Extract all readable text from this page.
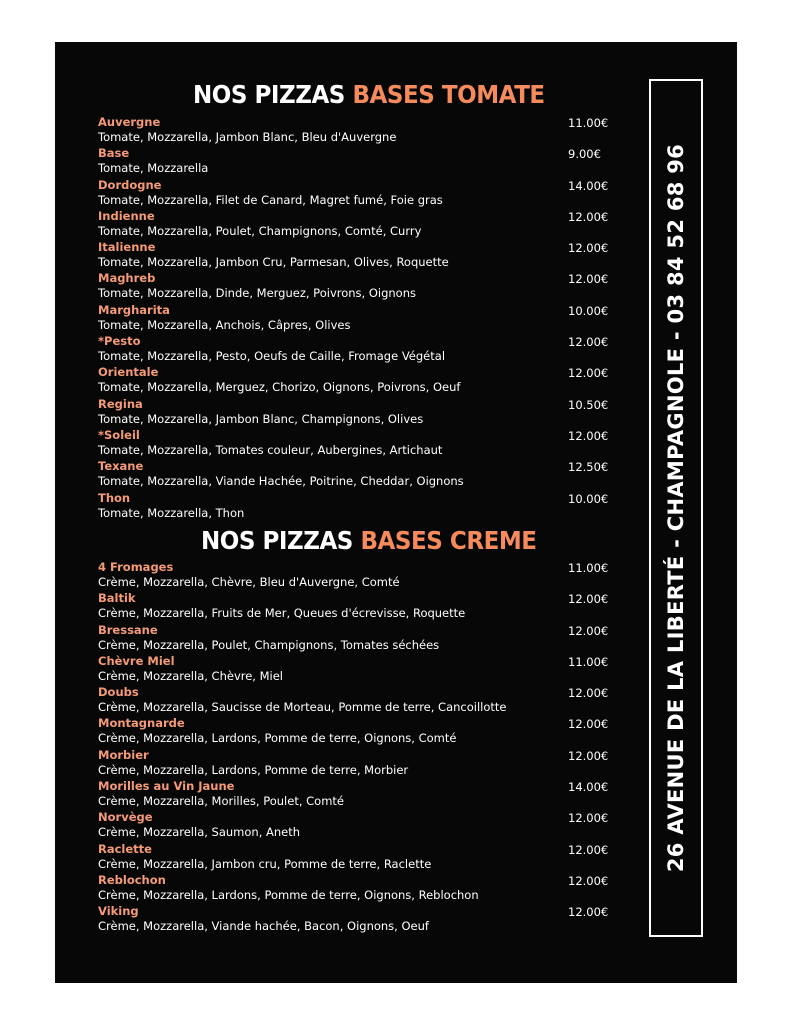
NOS PIZZAS BASES TOMATE
Auvergne
Tomate, Mozzarella, Jambon Blanc, Bleu d'Auvergne
11.00€
Base
Tomate, Mozzarella
9.00€
Dordogne
Tomate, Mozzarella, Filet de Canard, Magret fumé, Foie gras
14.00€
Indienne
Tomate, Mozzarella, Poulet, Champignons, Comté, Curry
12.00€
Italienne
Tomate, Mozzarella, Jambon Cru, Parmesan, Olives, Roquette
12.00€
Maghreb
Tomate, Mozzarella, Dinde, Merguez, Poivrons, Oignons
12.00€
Margharita
Tomate, Mozzarella, Anchois, Câpres, Olives
10.00€
*Pesto
Tomate, Mozzarella, Pesto, Oeufs de Caille, Fromage Végétal
12.00€
Orientale
Tomate, Mozzarella, Merguez, Chorizo, Oignons, Poivrons, Oeuf
12.00€
Regina
Tomate, Mozzarella, Jambon Blanc, Champignons, Olives
10.50€
*Soleil
Tomate, Mozzarella, Tomates couleur, Aubergines, Artichaut
12.00€
Texane
Tomate, Mozzarella, Viande Hachée, Poitrine, Cheddar, Oignons
12.50€
Thon
Tomate, Mozzarella, Thon
10.00€
NOS PIZZAS BASES CREME
4 Fromages
Crème, Mozzarella, Chèvre, Bleu d'Auvergne, Comté
11.00€
Baltik
Crème, Mozzarella, Fruits de Mer, Queues d'écrevisse, Roquette
12.00€
Bressane
Crème, Mozzarella, Poulet, Champignons, Tomates séchées
12.00€
Chèvre Miel
Crème, Mozzarella, Chèvre, Miel
11.00€
Doubs
Crème, Mozzarella, Saucisse de Morteau, Pomme de terre, Cancoillotte
12.00€
Montagnarde
Crème, Mozzarella, Lardons, Pomme de terre, Oignons, Comté
12.00€
Morbier
Crème, Mozzarella, Lardons, Pomme de terre, Morbier
12.00€
Morilles au Vin Jaune
Crème, Mozzarella, Morilles, Poulet, Comté
14.00€
Norvège
Crème, Mozzarella, Saumon, Aneth
12.00€
Raclette
Crème, Mozzarella, Jambon cru, Pomme de terre, Raclette
12.00€
Reblochon
Crème, Mozzarella, Lardons, Pomme de terre, Oignons, Reblochon
12.00€
Viking
Crème, Mozzarella, Viande hachée, Bacon, Oignons, Oeuf
12.00€
26 AVENUE DE LA LIBERTÉ - CHAMPAGNOLE - 03 84 52 68 96
